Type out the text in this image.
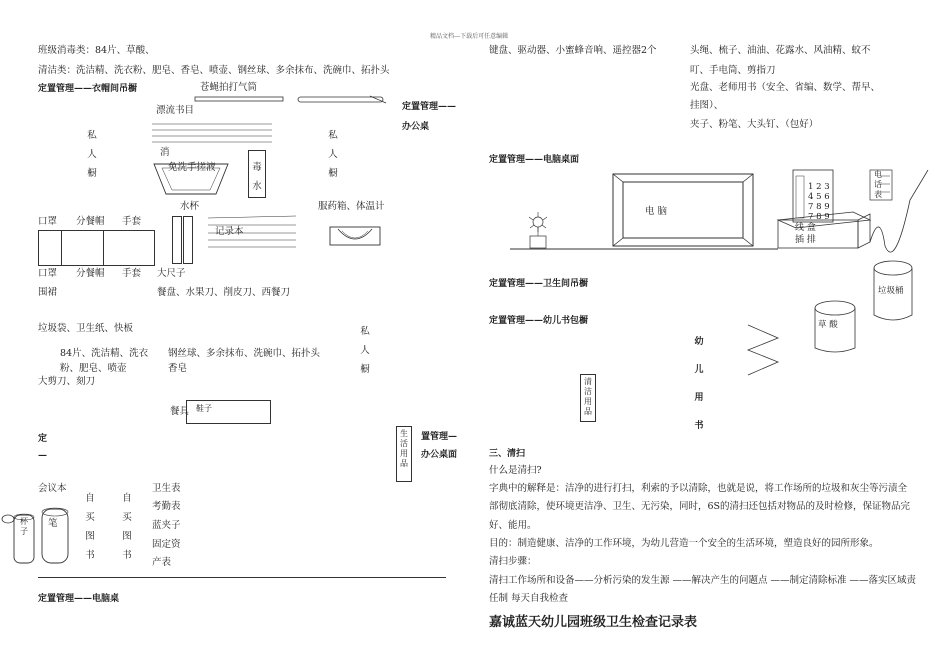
精品文档---下载后可任意编辑
班级消毒类：84片、草酸、
清洁类：洗洁精、洗衣粉、肥皂、香皂、喷壶、钢丝球、多余抹布、洗碗巾、拓扑头
定置管理——衣帽间吊橱	苍蝇拍打气筒
定置管理——
办公桌
漂流书目
私人橱
私人橱
消
免洗手搓液	毒水
水杯	服药箱、体温计
口罩 分餐帽 手套
记录本
口罩 分餐帽 手套 大尺子
围裙	餐盘、水果刀、削皮刀、西餐刀
垃圾袋、卫生纸、快板	私人橱
84片、洗洁精、洗衣 钢丝球、多余抹布、洗碗巾、拓扑头
粉、肥皂、喷壶	香皂
大剪刀、刻刀
餐具 鞋子
定
—
生活用品
置管理—
办公桌面
会议本
自买图书
自买图书
卫生表
考勤表
蓝夹子
固定资
产表
杯子
笔
定置管理——电脑桌
键盘、驱动器、小蜜蜂音响、遥控器2个	头绳、梳子、油油、花露水、风油精、蚊不
叮、手电筒、剪指刀
光盘、老师用书（安全、省编、数学、帮早、
挂图）、
夹子、粉笔、大头钉、（包好）
定置管理——电脑桌面
电 脑
1 2 3
4 5 6
7 8 9
7 8 9
电话表
线 盒
插 排
定置管理——卫生间吊橱
垃圾桶
定置管理——幼儿书包橱	草 酸
幼
儿
用
书
清洁用品
三、清扫
什么是清扫?
字典中的解释是：洁净的进行打扫，利索的予以清除，也就是说，将工作场所的垃圾和灰尘等污渍全
部彻底清除，使环境更洁净、卫生、无污染，同时，6S的清扫还包括对物品的及时检修，保证物品完
好、能用。
目的：制造健康、洁净的工作环境，为幼儿营造一个安全的生活环境，塑造良好的园所形象。
清扫步骤：
清扫工作场所和设备——分析污染的发生源 ——解决产生的问题点 ——制定清除标准 ——落实区域责
任制 每天自我检查
嘉诚蓝天幼儿园班级卫生检查记录表
